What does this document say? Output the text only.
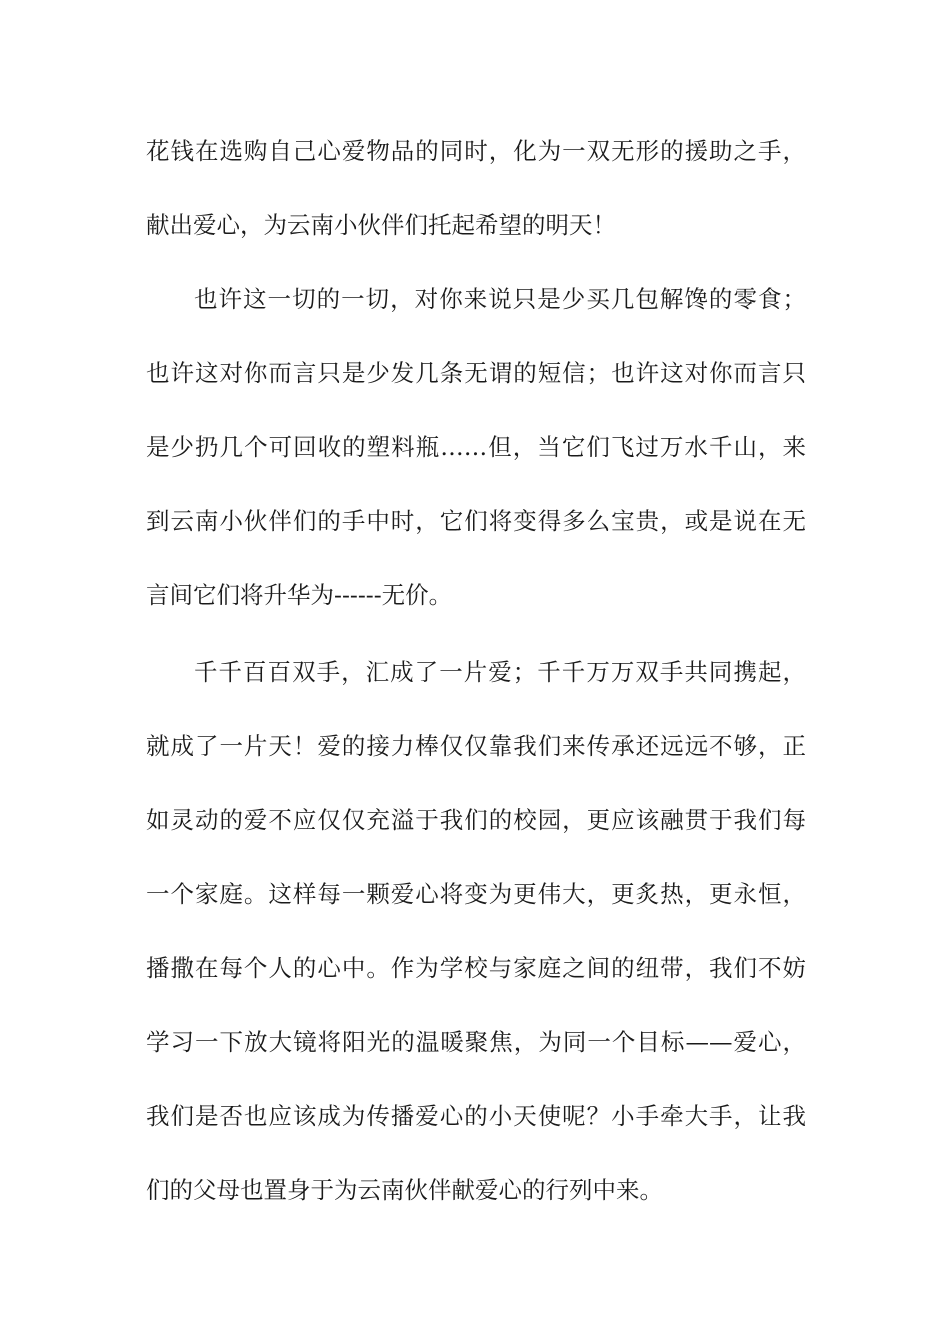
花钱在选购自己心爱物品的同时，化为一双无形的援助之手，
献出爱心，为云南小伙伴们托起希望的明天！
也许这一切的一切，对你来说只是少买几包解馋的零食；
也许这对你而言只是少发几条无谓的短信；也许这对你而言只
是少扔几个可回收的塑料瓶……但，当它们飞过万水千山，来
到云南小伙伴们的手中时，它们将变得多么宝贵，或是说在无
言间它们将升华为------无价。
千千百百双手，汇成了一片爱；千千万万双手共同携起，
就成了一片天！爱的接力棒仅仅靠我们来传承还远远不够，正
如灵动的爱不应仅仅充溢于我们的校园，更应该融贯于我们每
一个家庭。这样每一颗爱心将变为更伟大，更炙热，更永恒，
播撒在每个人的心中。作为学校与家庭之间的纽带，我们不妨
学习一下放大镜将阳光的温暖聚焦，为同一个目标——爱心，
我们是否也应该成为传播爱心的小天使呢？小手牵大手，让我
们的父母也置身于为云南伙伴献爱心的行列中来。
